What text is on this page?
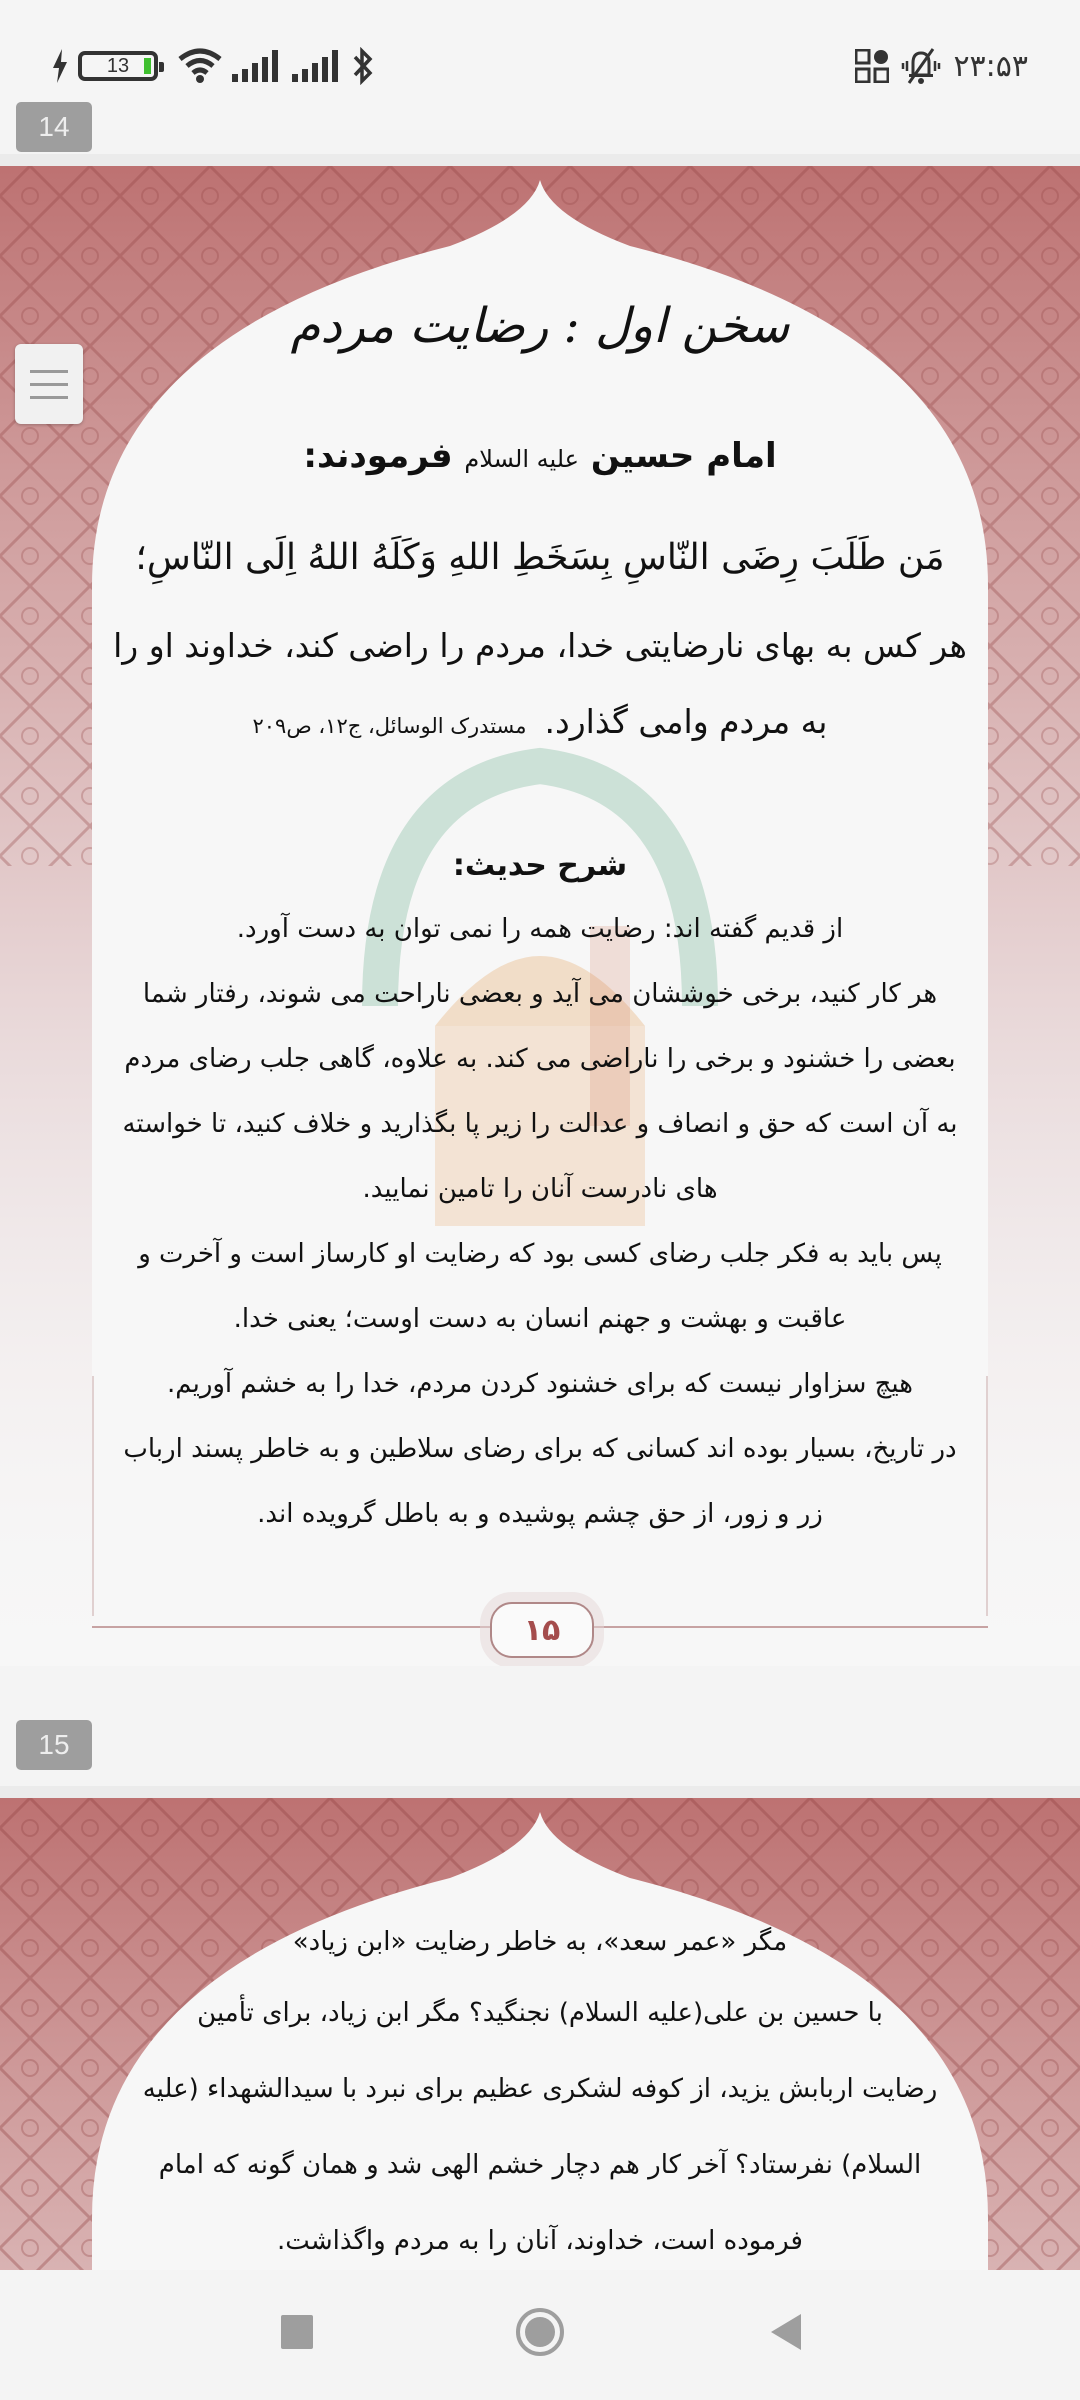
13	۲۳:۵۳
14
سخن اول : رضایت مردم
امام حسین علیه السلام فرمودند:
مَن طَلَبَ رِضَی النّاسِ بِسَخَطِ اللهِ وَکَلَهُ اللهُ اِلَی النّاسِ؛
هر کس به بهای نارضایتی خدا، مردم را راضی کند، خداوند او را
به مردم وامی گذارد.مستدرک الوسائل، ج۱۲، ص۲۰۹
شرح حدیث:
از قدیم گفته اند: رضایت همه را نمی توان به دست آورد.
هر کار کنید، برخی خوششان می آید و بعضی ناراحت می شوند، رفتار شما
بعضی را خشنود و برخی را ناراضی می کند. به علاوه، گاهی جلب رضای مردم
به آن است که حق و انصاف و عدالت را زیر پا بگذارید و خلاف کنید، تا خواسته
های نادرست آنان را تامین نمایید.
پس باید به فکر جلب رضای کسی بود که رضایت او کارساز است و آخرت و
عاقبت و بهشت و جهنم انسان به دست اوست؛ یعنی خدا.
هیچ سزاوار نیست که برای خشنود کردن مردم، خدا را به خشم آوریم.
در تاریخ، بسیار بوده اند کسانی که برای رضای سلاطین و به خاطر پسند ارباب
زر و زور، از حق چشم پوشیده و به باطل گرویده اند.
۱۵
15
مگر «عمر سعد»، به خاطر رضایت «ابن زیاد»
با حسین بن علی(علیه السلام) نجنگید؟ مگر ابن زیاد، برای تأمین
رضایت اربابش یزید، از کوفه لشکری عظیم برای نبرد با سیدالشهداء (علیه
السلام) نفرستاد؟ آخر کار هم دچار خشم الهی شد و همان گونه که امام
فرموده است، خداوند، آنان را به مردم واگذاشت.
